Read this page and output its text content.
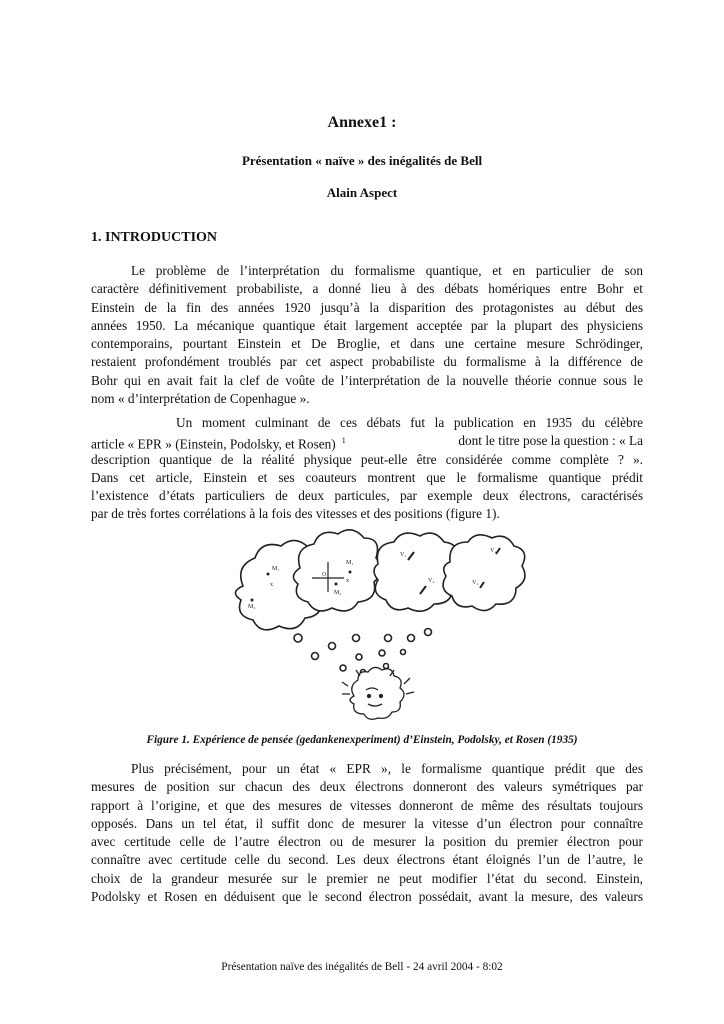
Annexe1 :
Présentation « naïve » des inégalités de Bell
Alain Aspect
1. INTRODUCTION
Le problème de l’interprétation du formalisme quantique, et en particulier de son
caractère définitivement probabiliste, a donné lieu à des débats homériques entre Bohr et
Einstein de la fin des années 1920 jusqu’à la disparition des protagonistes au début des
années 1950. La mécanique quantique était largement acceptée par la plupart des physiciens
contemporains, pourtant Einstein et De Broglie, et dans une certaine mesure Schrödinger,
restaient profondément troublés par cet aspect probabiliste du formalisme à la différence de
Bohr qui en avait fait la clef de voûte de l’interprétation de la nouvelle théorie connue sous le
nom « d’interprétation de Copenhague ».
Un moment culminant de ces débats fut la publication en 1935 du célèbre
article « EPR » (Einstein, Podolsky, et Rosen) $^1$	dont le titre pose la question : « La
description quantique de la réalité physique peut-elle être considérée comme complète ? ».
Dans cet article, Einstein et ses coauteurs montrent que le formalisme quantique prédit
l’existence d’états particuliers de deux particules, par exemple deux électrons, caractérisés
par de très fortes corrélations à la fois des vitesses et des positions (figure 1).
M₁
M₂
M₁
M₂
O
x
x
V₁
V₂
V₁
V₂
Figure 1. Expérience de pensée (gedankenexperiment) d’Einstein, Podolsky, et Rosen (1935)
Plus précisément, pour un état « EPR », le formalisme quantique prédit que des
mesures de position sur chacun des deux électrons donneront des valeurs symétriques par
rapport à l’origine, et que des mesures de vitesses donneront de même des résultats toujours
opposés. Dans un tel état, il suffit donc de mesurer la vitesse d’un électron pour connaître
avec certitude celle de l’autre électron ou de mesurer la position du premier électron pour
connaître avec certitude celle du second. Les deux électrons étant éloignés l’un de l’autre, le
choix de la grandeur mesurée sur le premier ne peut modifier l’état du second. Einstein,
Podolsky et Rosen en déduisent que le second électron possédait, avant la mesure, des valeurs
Présentation naïve des inégalités de Bell - 24 avril 2004 - 8:02
